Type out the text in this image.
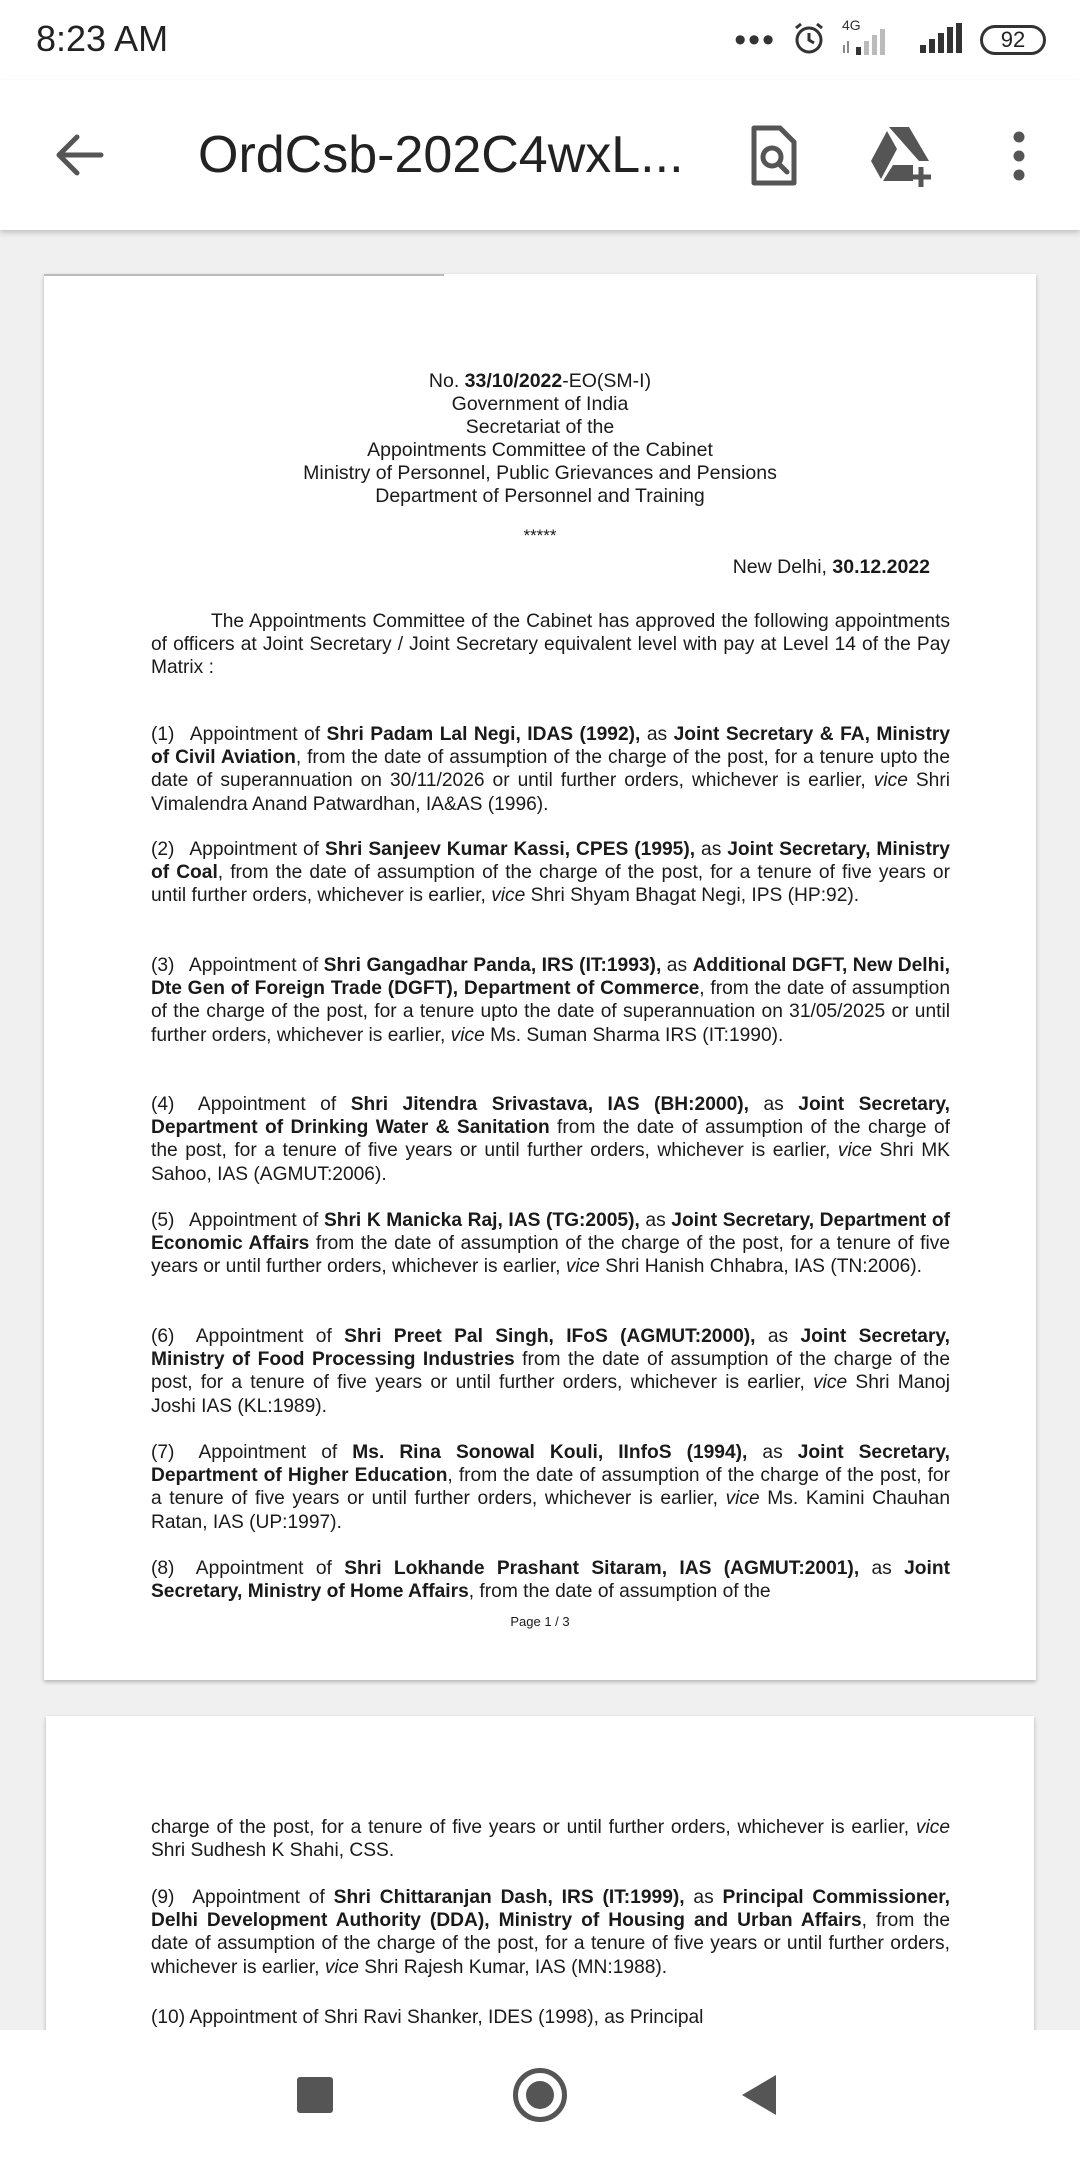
8:23 AM	•••	4G
92
OrdCsb-202C4wxL...
No. 33/10/2022-EO(SM-I)
Government of India
Secretariat of the
Appointments Committee of the Cabinet
Ministry of Personnel, Public Grievances and Pensions
Department of Personnel and Training
*****
New Delhi, 30.12.2022
The Appointments Committee of the Cabinet has approved the following appointments of officers at Joint Secretary / Joint Secretary equivalent level with pay at Level 14 of the Pay Matrix :
(1) Appointment of Shri Padam Lal Negi, IDAS (1992), as Joint Secretary & FA, Ministry of Civil Aviation, from the date of assumption of the charge of the post, for a tenure upto the date of superannuation on 30/11/2026 or until further orders, whichever is earlier, vice Shri Vimalendra Anand Patwardhan, IA&AS (1996).
(2) Appointment of Shri Sanjeev Kumar Kassi, CPES (1995), as Joint Secretary, Ministry of Coal, from the date of assumption of the charge of the post, for a tenure of five years or until further orders, whichever is earlier, vice Shri Shyam Bhagat Negi, IPS (HP:92).
(3) Appointment of Shri Gangadhar Panda, IRS (IT:1993), as Additional DGFT, New Delhi, Dte Gen of Foreign Trade (DGFT), Department of Commerce, from the date of assumption of the charge of the post, for a tenure upto the date of superannuation on 31/05/2025 or until further orders, whichever is earlier, vice Ms. Suman Sharma IRS (IT:1990).
(4) Appointment of Shri Jitendra Srivastava, IAS (BH:2000), as Joint Secretary, Department of Drinking Water & Sanitation from the date of assumption of the charge of the post, for a tenure of five years or until further orders, whichever is earlier, vice Shri MK Sahoo, IAS (AGMUT:2006).
(5) Appointment of Shri K Manicka Raj, IAS (TG:2005), as Joint Secretary, Department of Economic Affairs from the date of assumption of the charge of the post, for a tenure of five years or until further orders, whichever is earlier, vice Shri Hanish Chhabra, IAS (TN:2006).
(6) Appointment of Shri Preet Pal Singh, IFoS (AGMUT:2000), as Joint Secretary, Ministry of Food Processing Industries from the date of assumption of the charge of the post, for a tenure of five years or until further orders, whichever is earlier, vice Shri Manoj Joshi IAS (KL:1989).
(7) Appointment of Ms. Rina Sonowal Kouli, IInfoS (1994), as Joint Secretary, Department of Higher Education, from the date of assumption of the charge of the post, for a tenure of five years or until further orders, whichever is earlier, vice Ms. Kamini Chauhan Ratan, IAS (UP:1997).
(8) Appointment of Shri Lokhande Prashant Sitaram, IAS (AGMUT:2001), as Joint Secretary, Ministry of Home Affairs, from the date of assumption of the
Page 1 / 3
charge of the post, for a tenure of five years or until further orders, whichever is earlier, vice Shri Sudhesh K Shahi, CSS.
(9) Appointment of Shri Chittaranjan Dash, IRS (IT:1999), as Principal Commissioner, Delhi Development Authority (DDA), Ministry of Housing and Urban Affairs, from the date of assumption of the charge of the post, for a tenure of five years or until further orders, whichever is earlier, vice Shri Rajesh Kumar, IAS (MN:1988).
(10) Appointment of Shri Ravi Shanker, IDES (1998), as Principal
